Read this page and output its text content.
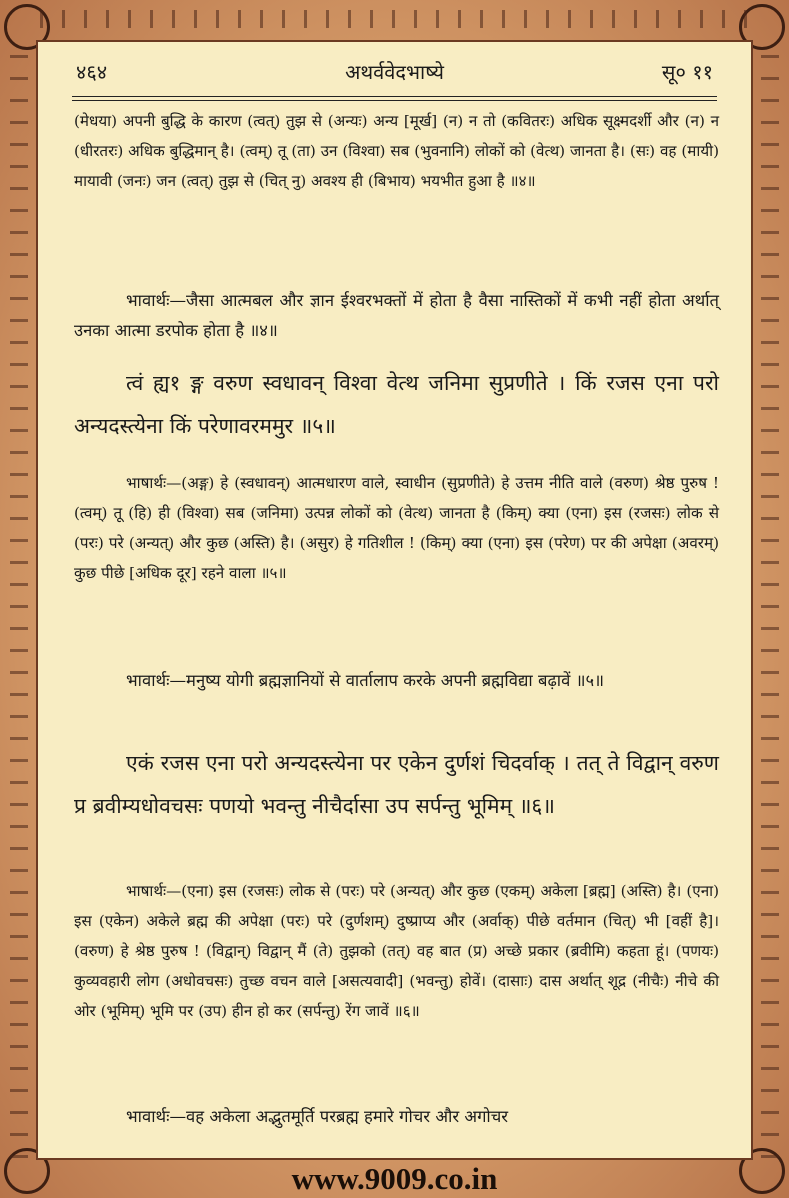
अथर्ववेदभाष्ये
४६४	सू० ११
(मेधया) अपनी बुद्धि के कारण (त्वत्) तुझ से (अन्यः) अन्य [मूर्ख] (न) न तो (कवितरः) अधिक सूक्ष्मदर्शी और (न) न (धीरतरः) अधिक बुद्धिमान् है। (त्वम्) तू (ता) उन (विश्वा) सब (भुवनानि) लोकों को (वेत्थ) जानता है। (सः) वह (मायी) मायावी (जनः) जन (त्वत्) तुझ से (चित् नु) अवश्य ही (बिभाय) भयभीत हुआ है ॥४॥
भावार्थः—जैसा आत्मबल और ज्ञान ईश्वरभक्तों में होता है वैसा नास्तिकों में कभी नहीं होता अर्थात् उनका आत्मा डरपोक होता है ॥४॥
त्वं ह्य१ ङ्ग वरुण स्वधावन् विश्वा वेत्थ जनिमा सुप्रणीते । किं रजस एना परो अन्यदस्त्येना किं परेणावरममुर ॥५॥
भाषार्थः—(अङ्ग) हे (स्वधावन्) आत्मधारण वाले, स्वाधीन (सुप्रणीते) हे उत्तम नीति वाले (वरुण) श्रेष्ठ पुरुष ! (त्वम्) तू (हि) ही (विश्वा) सब (जनिमा) उत्पन्न लोकों को (वेत्थ) जानता है (किम्) क्या (एना) इस (रजसः) लोक से (परः) परे (अन्यत्) और कुछ (अस्ति) है। (असुर) हे गतिशील ! (किम्) क्या (एना) इस (परेण) पर की अपेक्षा (अवरम्) कुछ पीछे [अधिक दूर] रहने वाला ॥५॥
भावार्थः—मनुष्य योगी ब्रह्मज्ञानियों से वार्तालाप करके अपनी ब्रह्मविद्या बढ़ावें ॥५॥
एकं रजस एना परो अन्यदस्त्येना पर एकेन दुर्णशं चिदर्वाक् । तत् ते विद्वान् वरुण प्र ब्रवीम्यधोवचसः पणयो भवन्तु नीचैर्दासा उप सर्पन्तु भूमिम् ॥६॥
भाषार्थः—(एना) इस (रजसः) लोक से (परः) परे (अन्यत्) और कुछ (एकम्) अकेला [ब्रह्म] (अस्ति) है। (एना) इस (एकेन) अकेले ब्रह्म की अपेक्षा (परः) परे (दुर्णशम्) दुष्प्राप्य और (अर्वाक्) पीछे वर्तमान (चित्) भी [वहीं है]। (वरुण) हे श्रेष्ठ पुरुष ! (विद्वान्) विद्वान् मैं (ते) तुझको (तत्) वह बात (प्र) अच्छे प्रकार (ब्रवीमि) कहता हूं। (पणयः) कुव्यवहारी लोग (अधोवचसः) तुच्छ वचन वाले [असत्यवादी] (भवन्तु) होवें। (दासाः) दास अर्थात् शूद्र (नीचैः) नीचे की ओर (भूमिम्) भूमि पर (उप) हीन हो कर (सर्पन्तु) रेंग जावें ॥६॥
भावार्थः—वह अकेला अद्भुतमूर्ति परब्रह्म हमारे गोचर और अगोचर
www.9009.co.in
